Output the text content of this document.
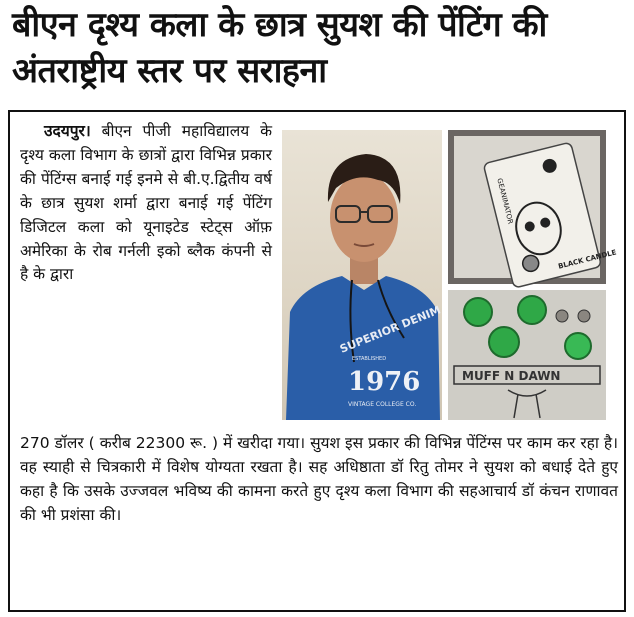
बीएन दृश्य कला के छात्र सुयश की पेंटिंग की
अंतराष्ट्रीय स्तर पर सराहना
उदयपुर। बीएन पीजी महाविद्यालय के दृश्य कला विभाग के छात्रों द्वारा विभिन्न प्रकार की पेंटिंग्स बनाई गई इनमे से बी.ए.द्वितीय वर्ष के छात्र सुयश शर्मा द्वारा बनाई गई पेंटिंग डिजिटल कला को यूनाइटेड स्टेट्स ऑफ़ अमेरिका के रोब गर्नली इको ब्लैक कंपनी से है के द्वारा
270 डॉलर ( करीब 22300 रू. ) में खरीदा गया। सुयश इस प्रकार की विभिन्न पेंटिंग्स पर काम कर रहा है। वह स्याही से चित्रकारी में विशेष योग्यता रखता है। सह अधिष्ठाता डॉ रितु तोमर ने सुयश को बधाई देते हुए कहा है कि उसके उज्जवल भविष्य की कामना करते हुए दृश्य कला विभाग की सहआचार्य डॉ कंचन राणावत की भी प्रशंसा की।
SUPERIOR DENIM
ESTABLISHED
1976
VINTAGE COLLEGE CO.
GEANIMATOR
BLACK CANDLE
MUFF N DAWN
